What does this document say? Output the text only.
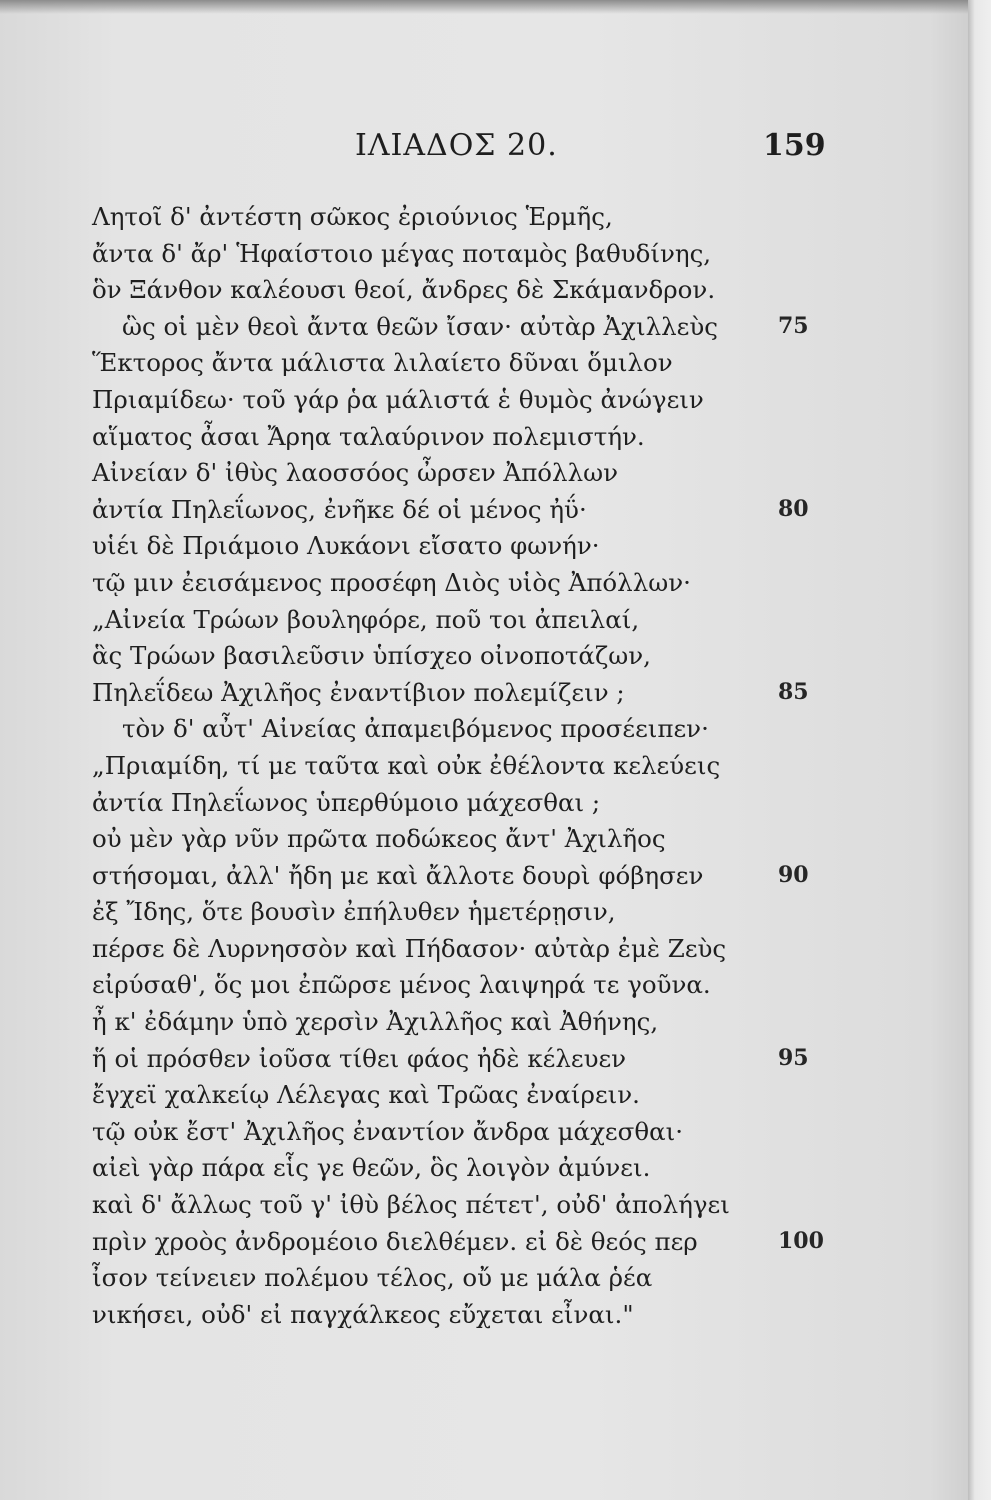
ΙΛΙΑΔΟΣ 20.	159
Λητοῖ δ' ἀντέστη σῶκος ἐριούνιος Ἑρμῆς,
ἄντα δ' ἄρ' Ἡφαίστοιο μέγας ποταμὸς βαθυδίνης,
ὃν Ξάνθον καλέουσι θεοί, ἄνδρες δὲ Σκάμανδρον.
ὣς οἱ μὲν θεοὶ ἄντα θεῶν ἴσαν· αὐτὰρ Ἀχιλλεὺς
Ἕκτορος ἄντα μάλιστα λιλαίετο δῦναι ὅμιλον
Πριαμίδεω· τοῦ γάρ ῥα μάλιστά ἑ θυμὸς ἀνώγειν
αἵματος ἆσαι Ἄρηα ταλαύρινον πολεμιστήν.
Αἰνείαν δ' ἰθὺς λαοσσόος ὦρσεν Ἀπόλλων
ἀντία Πηλεΐωνος, ἐνῆκε δέ οἱ μένος ἠΰ·
υἱέι δὲ Πριάμοιο Λυκάονι εἴσατο φωνήν·
τῷ μιν ἐεισάμενος προσέφη Διὸς υἱὸς Ἀπόλλων·
„Αἰνεία Τρώων βουληφόρε, ποῦ τοι ἀπειλαί,
ἃς Τρώων βασιλεῦσιν ὑπίσχεο οἰνοποτάζων,
Πηλεΐδεω Ἀχιλῆος ἐναντίβιον πολεμίζειν ;
τὸν δ' αὖτ' Αἰνείας ἀπαμειβόμενος προσέειπεν·
„Πριαμίδη, τί με ταῦτα καὶ οὐκ ἐθέλοντα κελεύεις
ἀντία Πηλεΐωνος ὑπερθύμοιο μάχεσθαι ;
οὐ μὲν γὰρ νῦν πρῶτα ποδώκεος ἄντ' Ἀχιλῆος
στήσομαι, ἀλλ' ἤδη με καὶ ἄλλοτε δουρὶ φόβησεν
ἐξ Ἴδης, ὅτε βουσὶν ἐπήλυθεν ἡμετέρῃσιν,
πέρσε δὲ Λυρνησσὸν καὶ Πήδασον· αὐτὰρ ἐμὲ Ζεὺς
εἰρύσαθ', ὅς μοι ἐπῶρσε μένος λαιψηρά τε γοῦνα.
ἦ κ' ἐδάμην ὑπὸ χερσὶν Ἀχιλλῆος καὶ Ἀθήνης,
ἥ οἱ πρόσθεν ἰοῦσα τίθει φάος ἠδὲ κέλευεν
ἔγχεϊ χαλκείῳ Λέλεγας καὶ Τρῶας ἐναίρειν.
τῷ οὐκ ἔστ' Ἀχιλῆος ἐναντίον ἄνδρα μάχεσθαι·
αἰεὶ γὰρ πάρα εἷς γε θεῶν, ὃς λοιγὸν ἀμύνει.
καὶ δ' ἄλλως τοῦ γ' ἰθὺ βέλος πέτετ', οὐδ' ἀπολήγει
πρὶν χροὸς ἀνδρομέοιο διελθέμεν. εἰ δὲ θεός περ
ἶσον τείνειεν πολέμου τέλος, οὔ με μάλα ῥέα
νικήσει, οὐδ' εἰ παγχάλκεος εὔχεται εἶναι."
75
80
85
90
95
100
